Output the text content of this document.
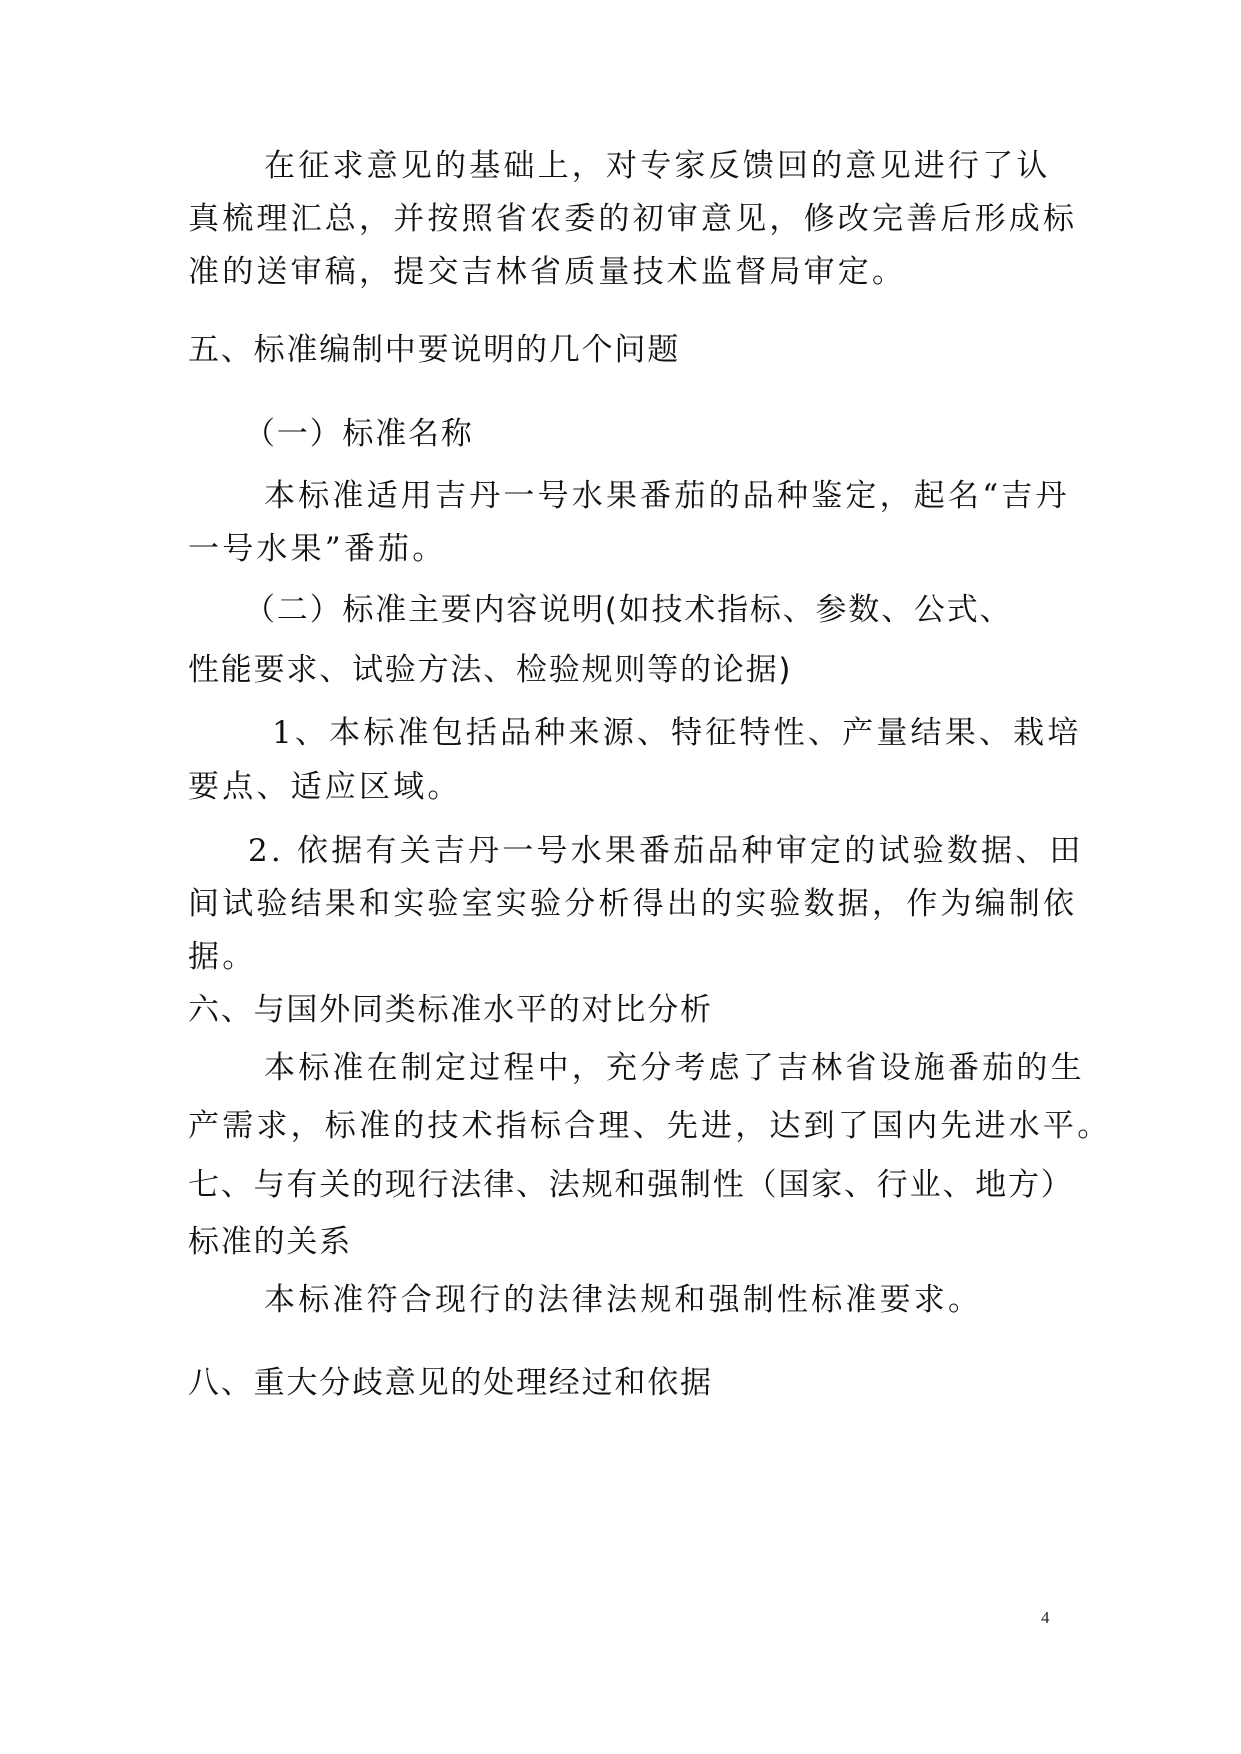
在征求意见的基础上，对专家反馈回的意见进行了认
真梳理汇总，并按照省农委的初审意见，修改完善后形成标
准的送审稿，提交吉林省质量技术监督局审定。
五、标准编制中要说明的几个问题
（一）标准名称
本标准适用吉丹一号水果番茄的品种鉴定，起名“吉丹
一号水果”番茄。
（二）标准主要内容说明(如技术指标、参数、公式、
性能要求、试验方法、检验规则等的论据)
1、本标准包括品种来源、特征特性、产量结果、栽培
要点、适应区域。
2. 依据有关吉丹一号水果番茄品种审定的试验数据、田
间试验结果和实验室实验分析得出的实验数据，作为编制依
据。
六、与国外同类标准水平的对比分析
本标准在制定过程中，充分考虑了吉林省设施番茄的生
产需求，标准的技术指标合理、先进，达到了国内先进水平。
七、与有关的现行法律、法规和强制性（国家、行业、地方）
标准的关系
本标准符合现行的法律法规和强制性标准要求。
八、重大分歧意见的处理经过和依据
4
